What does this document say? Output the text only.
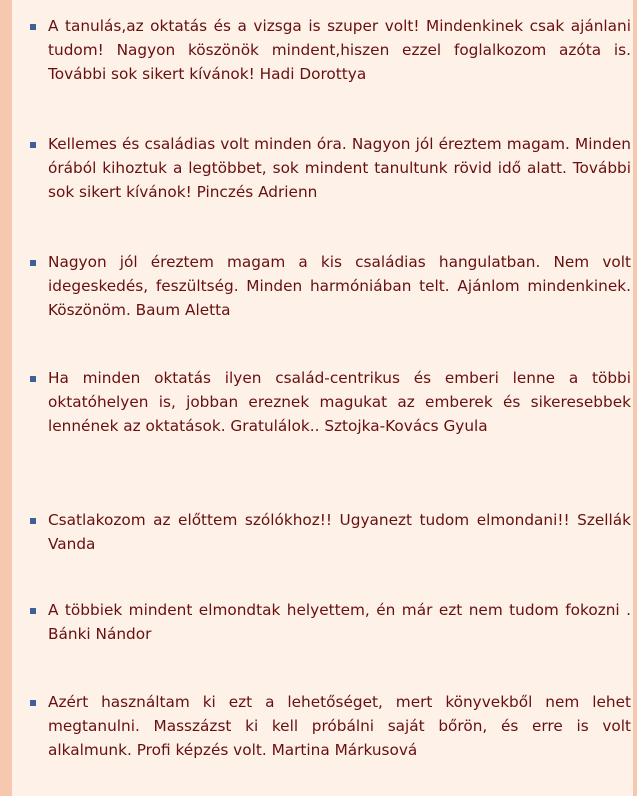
A tanulás,az oktatás és a vizsga is szuper volt! Mindenkinek csak ajánlani tudom! Nagyon köszönök mindent,hiszen ezzel foglalkozom azóta is. További sok sikert kívánok! Hadi Dorottya
Kellemes és családias volt minden óra. Nagyon jól éreztem magam. Minden órából kihoztuk a legtöbbet, sok mindent tanultunk rövid idő alatt. További sok sikert kívánok! Pinczés Adrienn
Nagyon jól éreztem magam a kis családias hangulatban. Nem volt idegeskedés, feszültség. Minden harmóniában telt. Ajánlom mindenkinek. Köszönöm. Baum Aletta
Ha minden oktatás ilyen család-centrikus és emberi lenne a többi oktatóhelyen is, jobban ereznek magukat az emberek és sikeresebbek lennének az oktatások. Gratulálok.. Sztojka-Kovács Gyula
Csatlakozom az előttem szólókhoz!! Ugyanezt tudom elmondani!! Szellák Vanda
A többiek mindent elmondtak helyettem, én már ezt nem tudom fokozni . Bánki Nándor
Azért használtam ki ezt a lehetőséget, mert könyvekből nem lehet megtanulni. Masszázst ki kell próbálni saját bőrön, és erre is volt alkalmunk. Profi képzés volt. Martina Márkusová
